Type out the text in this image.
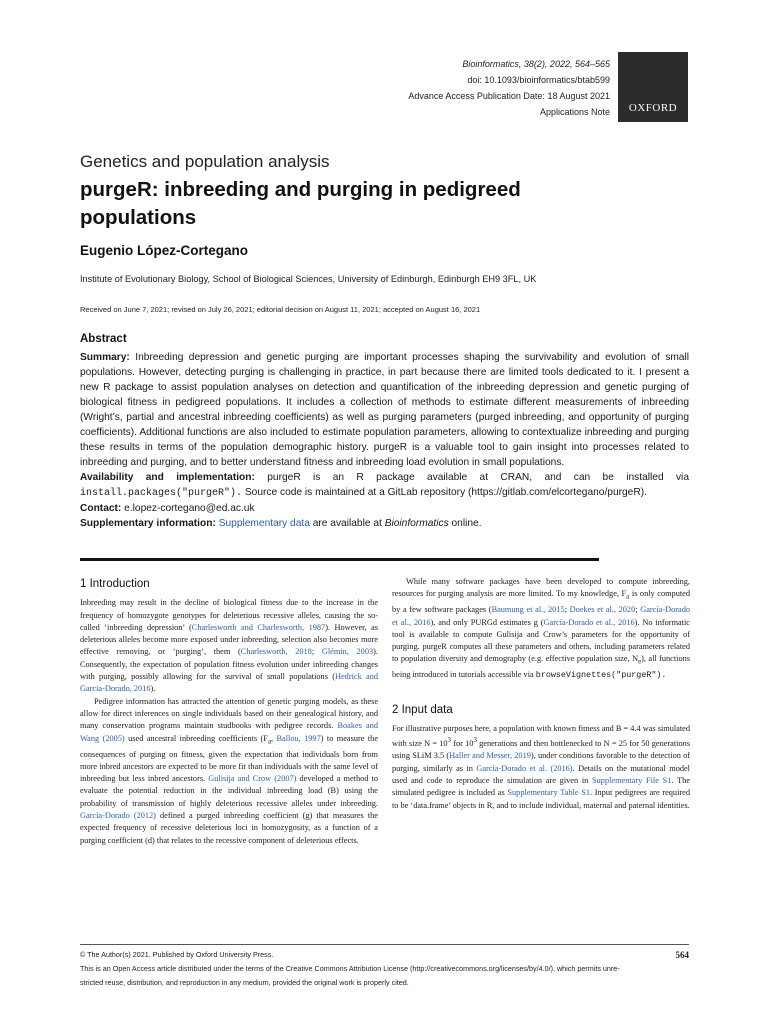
Bioinformatics, 38(2), 2022, 564–565
doi: 10.1093/bioinformatics/btab599
Advance Access Publication Date: 18 August 2021
Applications Note OXFORD
Genetics and population analysis
purgeR: inbreeding and purging in pedigreed populations
Eugenio López-Cortegano
Institute of Evolutionary Biology, School of Biological Sciences, University of Edinburgh, Edinburgh EH9 3FL, UK
Received on June 7, 2021; revised on July 26, 2021; editorial decision on August 11, 2021; accepted on August 16, 2021
Abstract

Summary: Inbreeding depression and genetic purging are important processes shaping the survivability and evolution of small populations. However, detecting purging is challenging in practice, in part because there are limited tools dedicated to it. I present a new R package to assist population analyses on detection and quantification of the inbreeding depression and genetic purging of biological fitness in pedigreed populations. It includes a collection of methods to estimate different measurements of inbreeding (Wright’s, partial and ancestral inbreeding coefficients) as well as purging parameters (purged inbreeding, and opportunity of purging coefficients). Additional functions are also included to estimate population parameters, allowing to contextualize inbreeding and purging these results in terms of the population demographic history. purgeR is a valuable tool to gain insight into processes related to inbreeding and purging, and to better understand fitness and inbreeding load evolution in small populations.

Availability and implementation: purgeR is an R package available at CRAN, and can be installed via install.packages("purgeR"). Source code is maintained at a GitLab repository (https://gitlab.com/elcortegano/purgeR).

Contact: e.lopez-cortegano@ed.ac.uk

Supplementary information: Supplementary data are available at Bioinformatics online.

1 Introduction

Inbreeding may result in the decline of biological fitness due to the increase in the frequency of homozygote genotypes for deleterious recessive alleles, causing the so-called ‘inbreeding depression’ (Charlesworth and Charlesworth, 1987). However, as deleterious alleles become more exposed under inbreeding, selection also becomes more effective removing, or ‘purging’, them (Charlesworth, 2018; Glémin, 2003). Consequently, the expectation of population fitness evolution under inbreeding changes with purging, possibly allowing for the survival of small populations (Hedrick and Garcia-Dorado, 2016).

Pedigree information has attracted the attention of genetic purging models, as these allow for direct inferences on single individuals based on their genealogical history, and many conservation programs maintain studbooks with pedigree records. Boakes and Wang (2005) used ancestral inbreeding coefficients ($F_a$, Ballou, 1997) to measure the consequences of purging on fitness, given the expectation that individuals born from more inbred ancestors are expected to be more fit than individuals with the same level of inbreeding but less inbred ancestors. Gulisija and Crow (2007) developed a method to evaluate the potential reduction in the individual inbreeding load (B) using the probability of transmission of highly deleterious recessive alleles under inbreeding. García-Dorado (2012) defined a purged inbreeding coefficient (g) that measures the expected frequency of recessive deleterious loci in homozygosity, as a function of a purging coefficient (d) that relates to the recessive component of deleterious effects.

While many software packages have been developed to compute inbreeding, resources for purging analysis are more limited. To my knowledge, $F_a$ is only computed by a few software packages (Baumung et al., 2015; Doekes et al., 2020; García-Dorado et al., 2016), and only PURGd estimates g (García-Dorado et al., 2016). No informatic tool is available to compute Gulisija and Crow’s parameters for the opportunity of purging. purgeR computes all these parameters and others, including parameters related to population diversity and demography (e.g. effective population size, $N_e$), all functions being introduced in tutorials accessible via browseVignettes("purgeR").

2 Input data

For illustrative purposes here, a population with known fitness and B = 4.4 was simulated with size $N = 10^3$ for $10^3$ generations and then bottlenecked to N = 25 for 50 generations using SLiM 3.5 (Haller and Messer, 2019), under conditions favorable to the detection of purging, similarly as in García-Dorado et al. (2016). Details on the mutational model used and code to reproduce the simulation are given in Supplementary File S1. The simulated pedigree is included as Supplementary Table S1. Input pedigrees are required to be ‘data.frame’ objects in R, and to include individual, maternal and paternal identities.

© The Author(s) 2021. Published by Oxford University Press.	564
This is an Open Access article distributed under the terms of the Creative Commons Attribution License (http://creativecommons.org/licenses/by/4.0/), which permits unre-
stricted reuse, distribution, and reproduction in any medium, provided the original work is properly cited.
